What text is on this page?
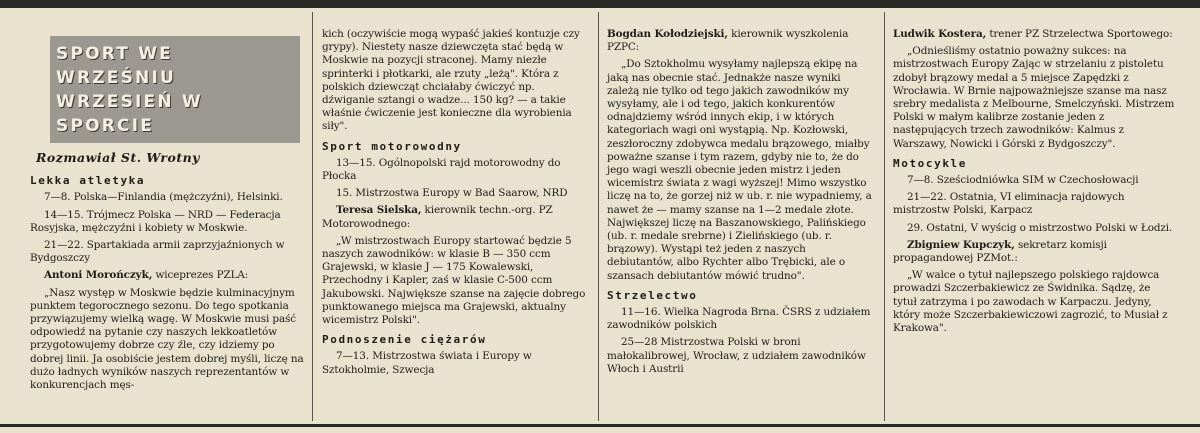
SPORT WE WRZEŚNIU
WRZESIEŃ W SPORCIE
Rozmawiał St. Wrotny
Lekka atletyka

7—8. Polska—Finlandia (mężczyźni), Helsinki.

14—15. Trójmecz Polska — NRD — Federacja Rosyjska, mężczyźni i kobiety w Moskwie.

21—22. Spartakiada armii zaprzyjaźnionych w Bydgoszczy

Antoni Morończyk, wiceprezes PZLA:

„Nasz występ w Moskwie będzie kulminacyjnym punktem tegorocznego sezonu. Do tego spotkania przywiązujemy wielką wagę. W Moskwie musi paść odpowiedź na pytanie czy naszych lekkoatletów przygotowujemy dobrze czy źle, czy idziemy po dobrej linii. Ja osobiście jestem dobrej myśli, liczę na dużo ładnych wyników naszych reprezentantów w konkurencjach męs-

kich (oczywiście mogą wypaść jakieś kontuzje czy grypy). Niestety nasze dziewczęta stać będą w Moskwie na pozycji straconej. Mamy niezłe sprinterki i płotkarki, ale rzuty „leżą". Która z polskich dziewcząt chciałaby ćwiczyć np. dźwiganie sztangi o wadze... 150 kg? — a takie właśnie ćwiczenie jest konieczne dla wyrobienia siły".

Sport motorowodny

13—15. Ogólnopolski rajd motorowodny do Płocka

15. Mistrzostwa Europy w Bad Saarow, NRD

Teresa Sielska, kierownik techn.-org. PZ Motorowodnego:

„W mistrzostwach Europy startować będzie 5 naszych zawodników: w klasie B — 350 ccm Grajewski, w klasie J — 175 Kowalewski, Przechodny i Kapler, zaś w klasie C-500 ccm Jakubowski. Największe szanse na zajęcie dobrego punktowanego miejsca ma Grajewski, aktualny wicemistrz Polski".

Podnoszenie ciężarów

7—13. Mistrzostwa świata i Europy w Sztokholmie, Szwecja

Bogdan Kołodziejski, kierownik wyszkolenia PZPC:

„Do Sztokholmu wysyłamy najlepszą ekipę na jaką nas obecnie stać. Jednakże nasze wyniki zależą nie tylko od tego jakich zawodników my wysyłamy, ale i od tego, jakich konkurentów odnajdziemy wśród innych ekip, i w których kategoriach wagi oni wystąpią. Np. Kozłowski, zeszłoroczny zdobywca medalu brązowego, miałby poważne szanse i tym razem, gdyby nie to, że do jego wagi weszli obecnie jeden mistrz i jeden wicemistrz świata z wagi wyższej! Mimo wszystko liczę na to, że gorzej niż w ub. r. nie wypadniemy, a nawet że — mamy szanse na 1—2 medale złote. Największej liczę na Baszanowskiego, Palińskiego (ub. r. medale srebrne) i Zielińskiego (ub. r. brązowy). Wystąpi też jeden z naszych debiutantów, albo Rychter albo Trębicki, ale o szansach debiutantów mówić trudno".

Strzelectwo

11—16. Wielka Nagroda Brna. ČSRS z udziałem zawodników polskich

25—28 Mistrzostwa Polski w broni małokalibrowej, Wrocław, z udziałem zawodników Włoch i Austrii

Ludwik Kostera, trener PZ Strzelectwa Sportowego:

„Odnieśliśmy ostatnio poważny sukces: na mistrzostwach Europy Zając w strzelaniu z pistoletu zdobył brązowy medal a 5 miejsce Zapędzki z Wrocławia. W Brnie najpoważniejsze szanse ma nasz srebry medalista z Melbourne, Smelczyński. Mistrzem Polski w małym kalibrze zostanie jeden z następujących trzech zawodników: Kalmus z Warszawy, Nowicki i Górski z Bydgoszczy".

Motocykle

7—8. Sześciodniówka SIM w Czechosłowacji

21—22. Ostatnia, VI eliminacja rajdowych mistrzostw Polski, Karpacz

29. Ostatni, V wyścig o mistrzostwo Polski w Łodzi.

Zbigniew Kupczyk, sekretarz komisji propagandowej PZMot.:

„W walce o tytuł najlepszego polskiego rajdowca prowadzi Szczerbakiewicz ze Świdnika. Sądzę, że tytuł zatrzyma i po zawodach w Karpaczu. Jedyny, który może Szczerbakiewiczowi zagrozić, to Musiał z Krakowa".
